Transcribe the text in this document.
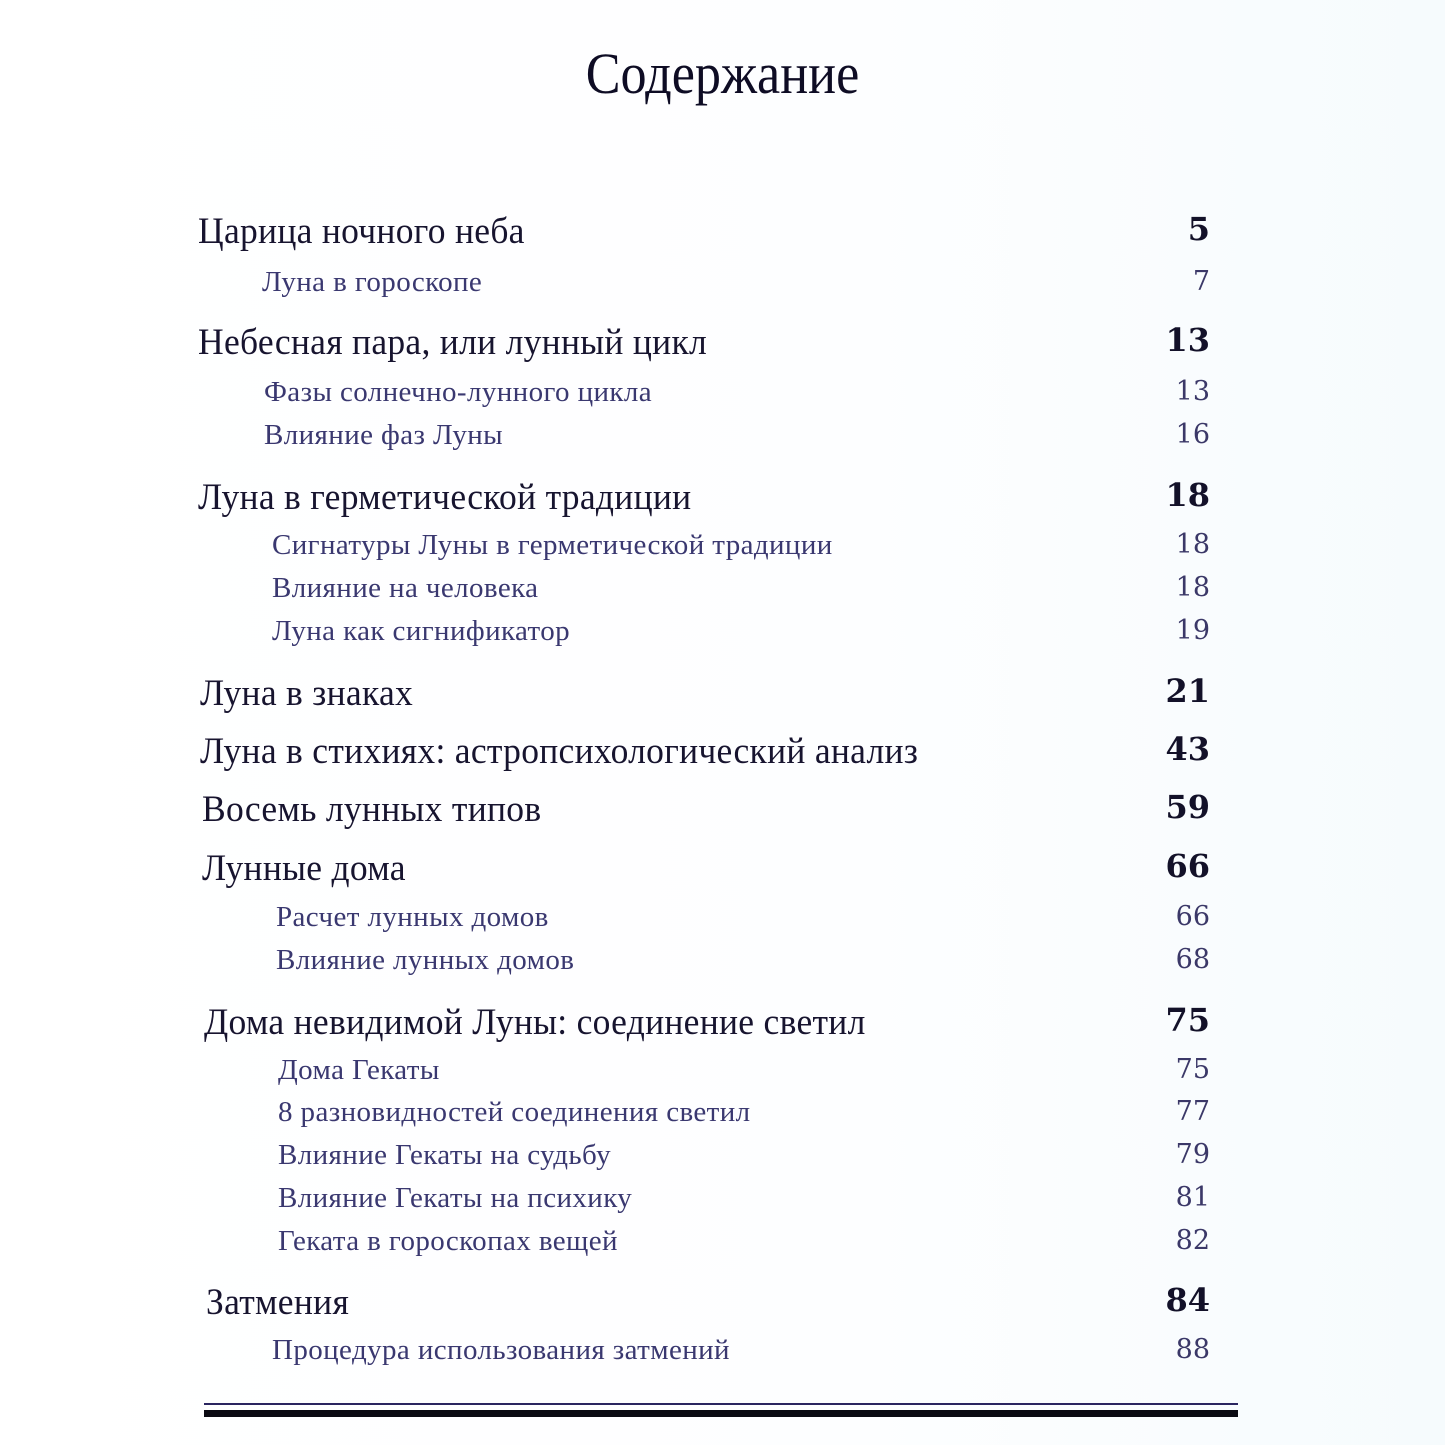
Содержание
Царица ночного неба	5
Луна в гороскопе	7
Небесная пара, или лунный цикл	13
Фазы солнечно-лунного цикла	13
Влияние фаз Луны	16
Луна в герметической традиции	18
Сигнатуры Луны в герметической традиции	18
Влияние на человека	18
Луна как сигнификатор	19
Луна в знаках	21
Луна в стихиях: астропсихологический анализ	43
Восемь лунных типов	59
Лунные дома	66
Расчет лунных домов	66
Влияние лунных домов	68
Дома невидимой Луны: соединение светил	75
Дома Гекаты	75
8 разновидностей соединения светил	77
Влияние Гекаты на судьбу	79
Влияние Гекаты на психику	81
Геката в гороскопах вещей	82
Затмения	84
Процедура использования затмений	88
